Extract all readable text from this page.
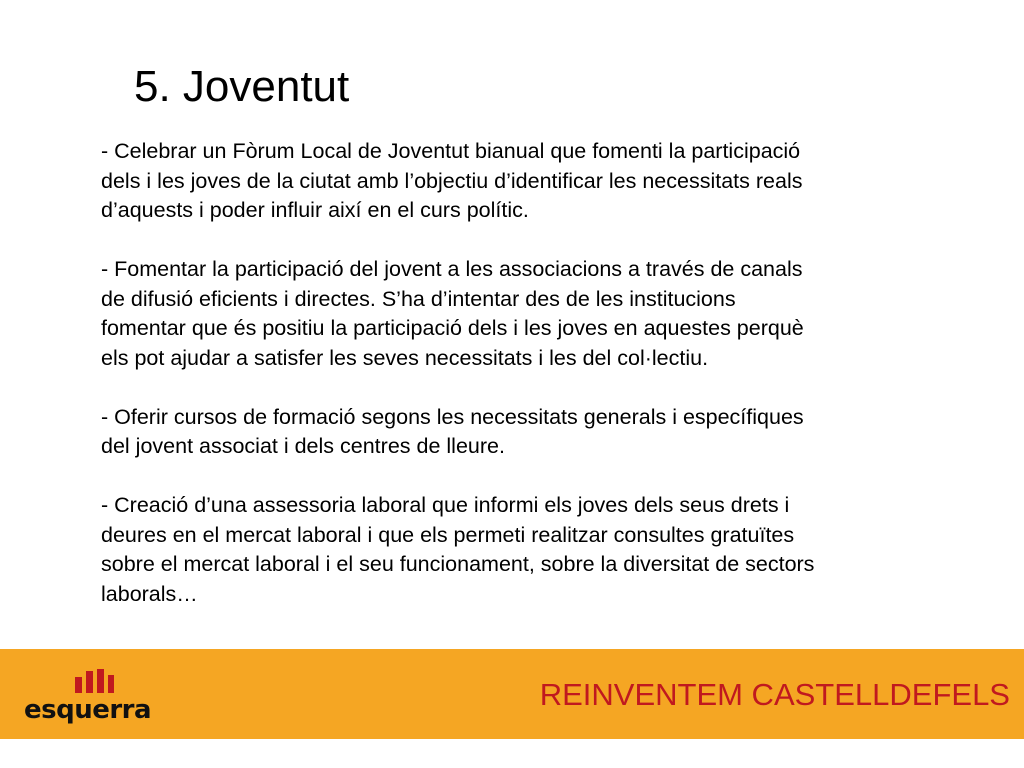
5. Joventut

- Celebrar un Fòrum Local de Joventut bianual que fomenti la participació
dels i les joves de la ciutat amb l’objectiu d’identificar les necessitats reals
d’aquests i poder influir així en el curs polític.

- Fomentar la participació del jovent a les associacions a través de canals
de difusió eficients i directes. S’ha d’intentar des de les institucions
fomentar que és positiu la participació dels i les joves en aquestes perquè
els pot ajudar a satisfer les seves necessitats i les del col·lectiu.

- Oferir cursos de formació segons les necessitats generals i específiques
del jovent associat i dels centres de lleure.

- Creació d’una assessoria laboral que informi els joves dels seus drets i
deures en el mercat laboral i que els permeti realitzar consultes gratuïtes
sobre el mercat laboral i el seu funcionament, sobre la diversitat de sectors
laborals…

esquerra	REINVENTEM CASTELLDEFELS
